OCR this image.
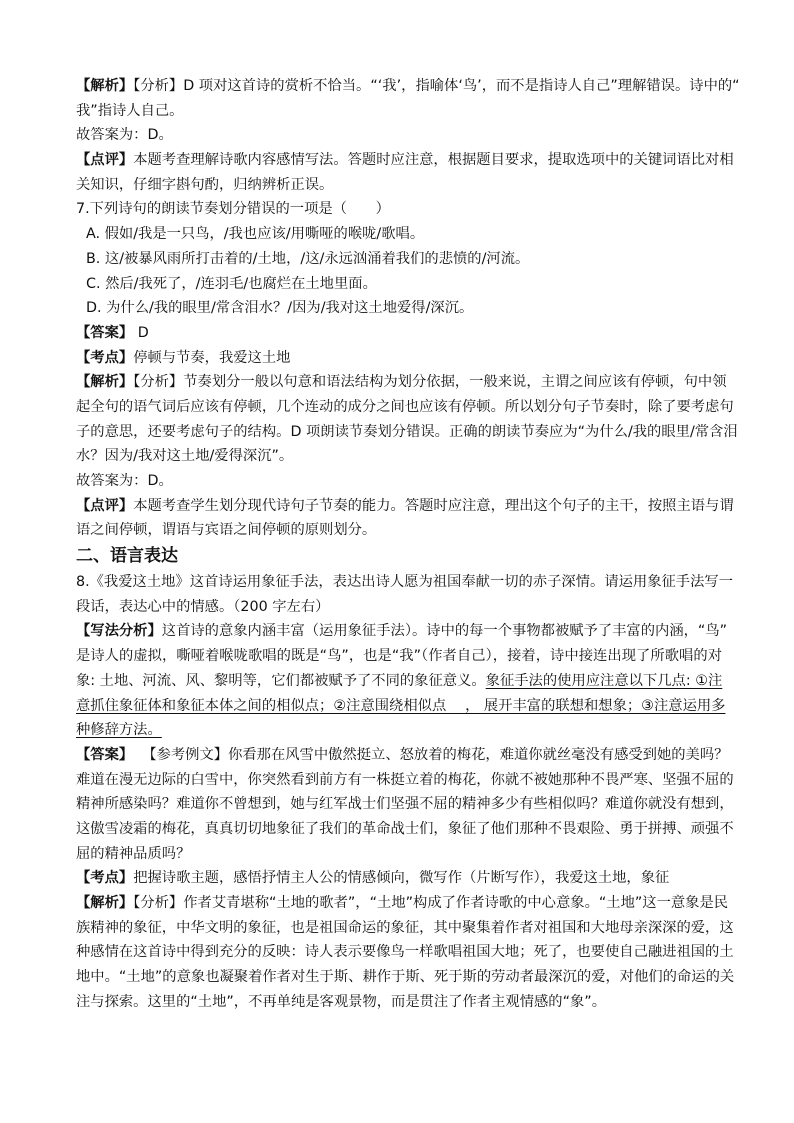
【解析】【分析】D 项对这首诗的赏析不恰当。“‘我’，指喻体‘鸟’，而不是指诗人自己”理解错误。诗中的“
我”指诗人自己。
故答案为：D。
【点评】本题考查理解诗歌内容感情写法。答题时应注意，根据题目要求，提取选项中的关键词语比对相
关知识，仔细字斟句酌，归纳辨析正误。
7.下列诗句的朗读节奏划分错误的一项是（　　）
A. 假如/我是一只鸟，/我也应该/用嘶哑的喉咙/歌唱。
B. 这/被暴风雨所打击着的/土地，/这/永远汹涌着我们的悲愤的/河流。
C. 然后/我死了，/连羽毛/也腐烂在土地里面。
D. 为什么/我的眼里/常含泪水？/因为/我对这土地爱得/深沉。
【答案】 D
【考点】停顿与节奏，我爱这土地
【解析】【分析】节奏划分一般以句意和语法结构为划分依据，一般来说，主谓之间应该有停顿，句中领
起全句的语气词后应该有停顿，几个连动的成分之间也应该有停顿。所以划分句子节奏时，除了要考虑句
子的意思，还要考虑句子的结构。D 项朗读节奏划分错误。正确的朗读节奏应为“为什么/我的眼里/常含泪
水？因为/我对这土地/爱得深沉”。
故答案为：D。
【点评】本题考查学生划分现代诗句子节奏的能力。答题时应注意，理出这个句子的主干，按照主语与谓
语之间停顿，谓语与宾语之间停顿的原则划分。
二、语言表达
8.《我爱这土地》这首诗运用象征手法，表达出诗人愿为祖国奉献一切的赤子深情。请运用象征手法写一
段话，表达心中的情感。（200 字左右）
【写法分析】这首诗的意象内涵丰富（运用象征手法）。诗中的每一个事物都被赋予了丰富的内涵，“鸟”
是诗人的虚拟，嘶哑着喉咙歌唱的既是“鸟”，也是“我”（作者自己），接着，诗中接连出现了所歌唱的对
象: 土地、河流、风、黎明等，它们都被赋予了不同的象征意义。象征手法的使用应注意以下几点: ①注
意抓住象征体和象征本体之间的相似点；②注意围绕相似点　 ， 展开丰富的联想和想象；③注意运用多
种修辞方法。
【答案】 【参考例文】你看那在风雪中傲然挺立、怒放着的梅花，难道你就丝毫没有感受到她的美吗？
难道在漫无边际的白雪中，你突然看到前方有一株挺立着的梅花，你就不被她那种不畏严寒、坚强不屈的
精神所感染吗？难道你不曾想到，她与红军战士们坚强不屈的精神多少有些相似吗？难道你就没有想到，
这傲雪凌霜的梅花，真真切切地象征了我们的革命战士们，象征了他们那种不畏艰险、勇于拼搏、顽强不
屈的精神品质吗？
【考点】把握诗歌主题，感悟抒情主人公的情感倾向，微写作（片断写作），我爱这土地，象征
【解析】【分析】作者艾青堪称“土地的歌者”，“土地”构成了作者诗歌的中心意象。“土地”这一意象是民
族精神的象征，中华文明的象征，也是祖国命运的象征，其中聚集着作者对祖国和大地母亲深深的爱，这
种感情在这首诗中得到充分的反映：诗人表示要像鸟一样歌唱祖国大地；死了，也要使自己融进祖国的土
地中。“土地”的意象也凝聚着作者对生于斯、耕作于斯、死于斯的劳动者最深沉的爱，对他们的命运的关
注与探索。这里的“土地”，不再单纯是客观景物，而是贯注了作者主观情感的“象”。
